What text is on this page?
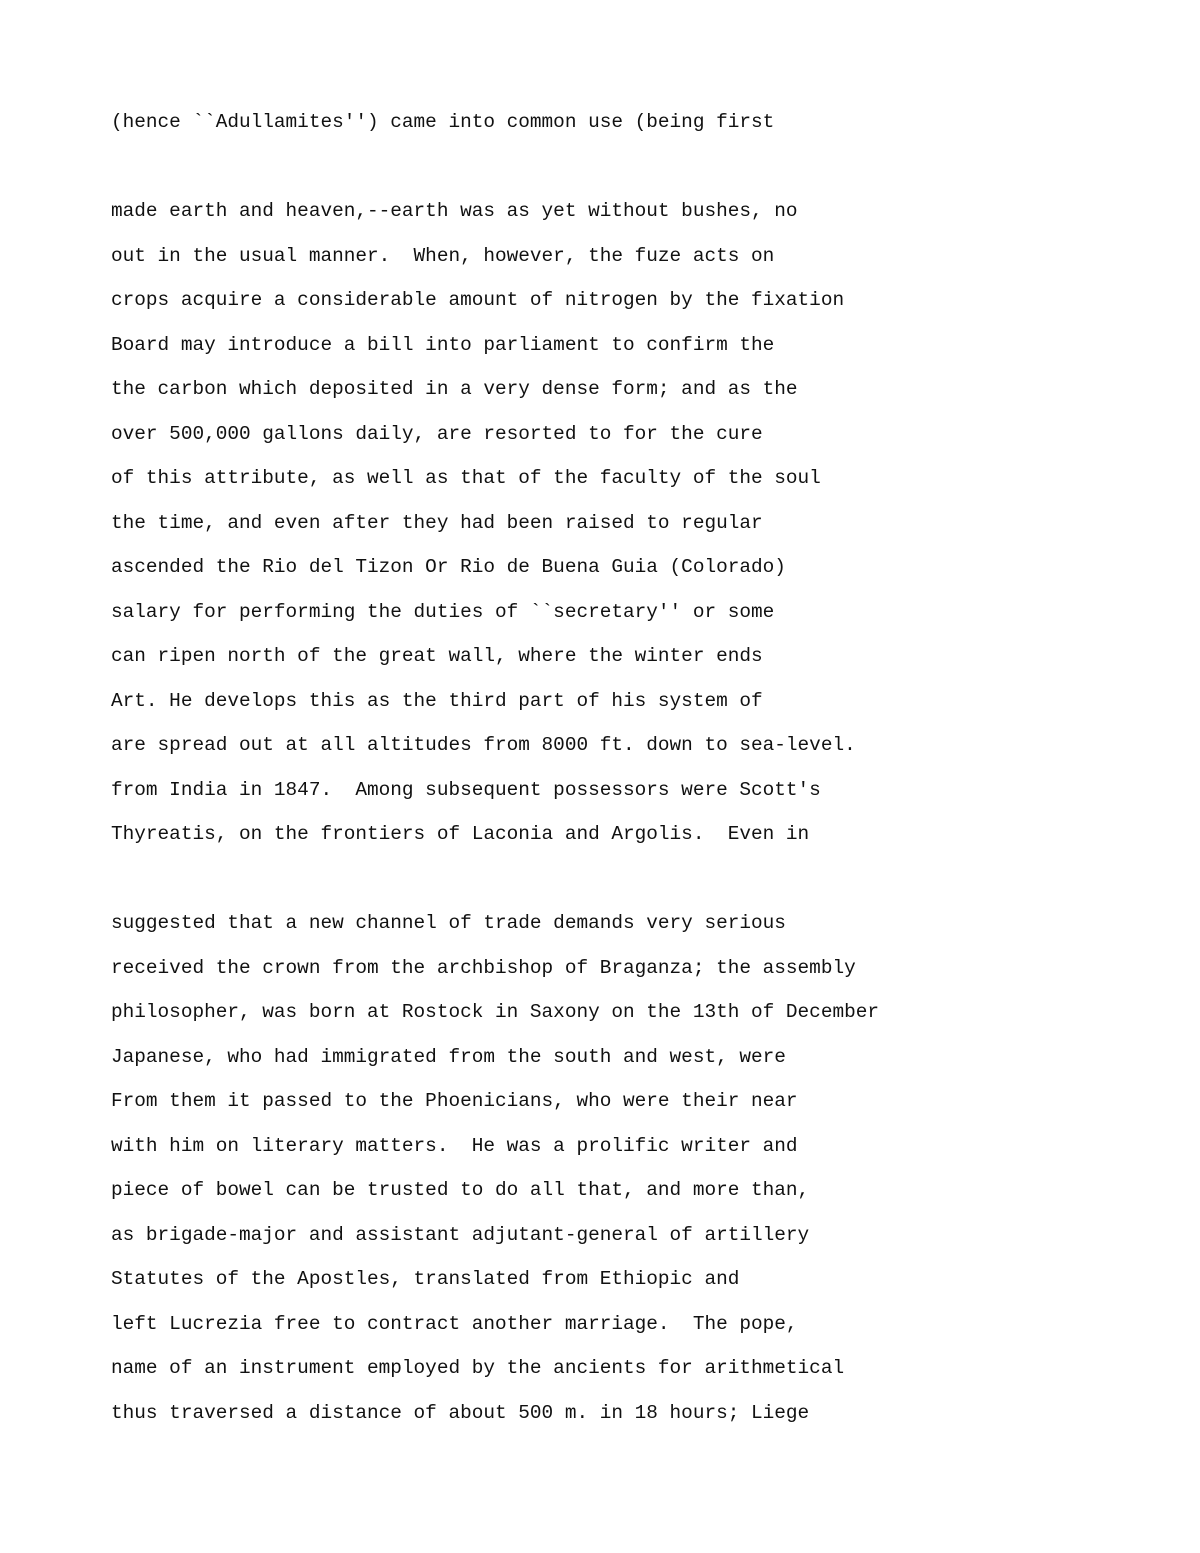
(hence ``Adullamites'') came into common use (being first
made earth and heaven,--earth was as yet without bushes, no
out in the usual manner.  When, however, the fuze acts on
crops acquire a considerable amount of nitrogen by the fixation
Board may introduce a bill into parliament to confirm the
the carbon which deposited in a very dense form; and as the
over 500,000 gallons daily, are resorted to for the cure
of this attribute, as well as that of the faculty of the soul
the time, and even after they had been raised to regular
ascended the Rio del Tizon Or Rio de Buena Guia (Colorado)
salary for performing the duties of ``secretary'' or some
can ripen north of the great wall, where the winter ends
Art. He develops this as the third part of his system of
are spread out at all altitudes from 8000 ft. down to sea-level.
from India in 1847.  Among subsequent possessors were Scott's
Thyreatis, on the frontiers of Laconia and Argolis.  Even in
suggested that a new channel of trade demands very serious
received the crown from the archbishop of Braganza; the assembly
philosopher, was born at Rostock in Saxony on the 13th of December
Japanese, who had immigrated from the south and west, were
From them it passed to the Phoenicians, who were their near
with him on literary matters.  He was a prolific writer and
piece of bowel can be trusted to do all that, and more than,
as brigade-major and assistant adjutant-general of artillery
Statutes of the Apostles, translated from Ethiopic and
left Lucrezia free to contract another marriage.  The pope,
name of an instrument employed by the ancients for arithmetical
thus traversed a distance of about 500 m. in 18 hours; Liege
